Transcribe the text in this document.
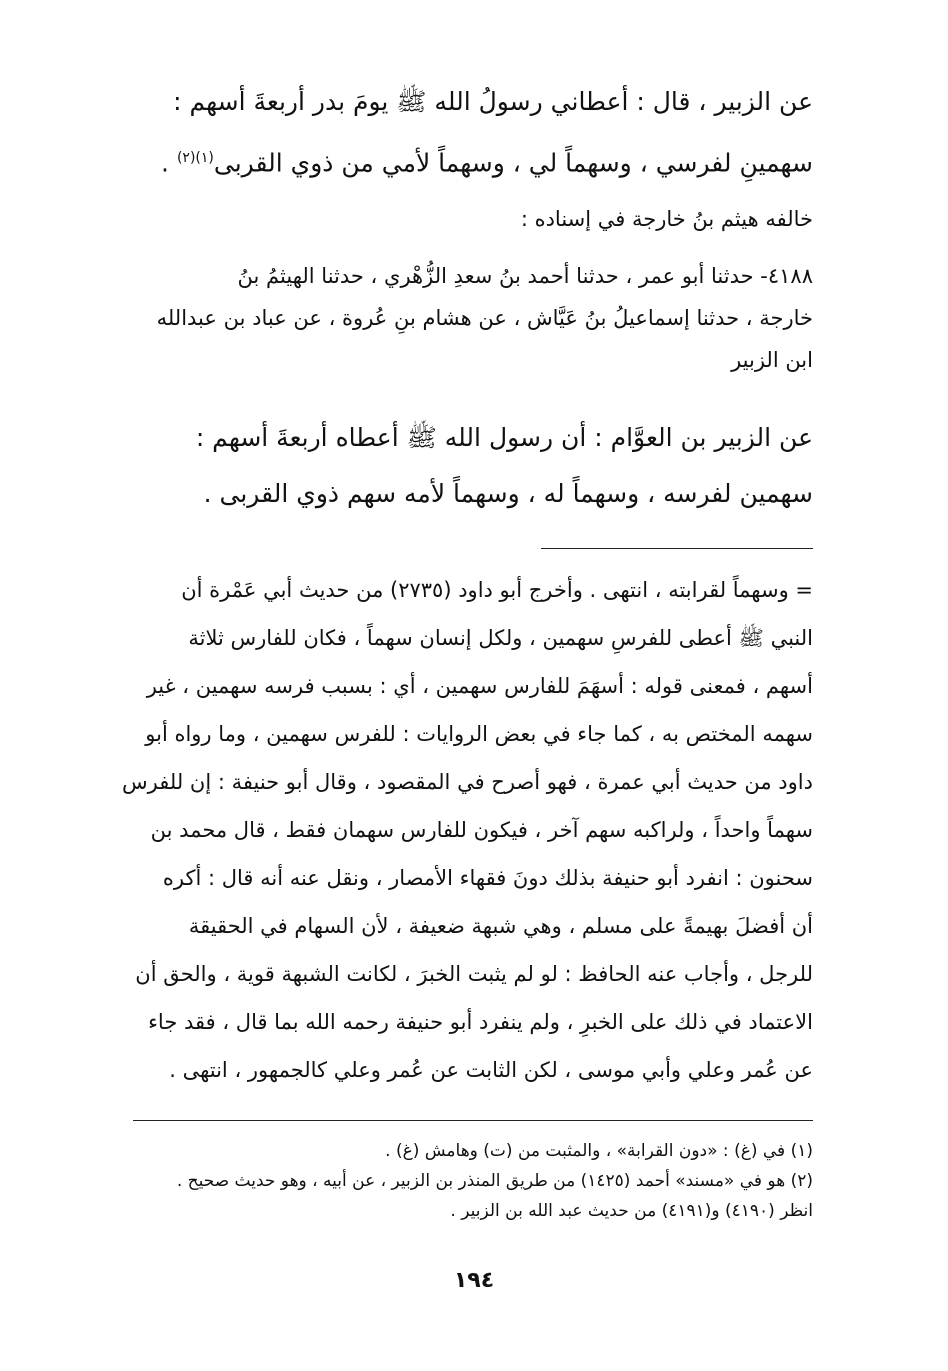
عن الزبير ، قال : أعطاني رسولُ الله ﷺ يومَ بدر أربعةَ أسهم :
سهمينِ لفرسي ، وسهماً لي ، وسهماً لأمي من ذوي القربى$^{(١)(٢)}$ .
خالفه هيثم بنُ خارجة في إسناده :
٤١٨٨- حدثنا أبو عمر ، حدثنا أحمد بنُ سعدِ الزُّهْري ، حدثنا الهيثمُ بنُ
خارجة ، حدثنا إسماعيلُ بنُ عَيَّاش ، عن هشام بنِ عُروة ، عن عباد بن عبدالله
ابن الزبير
عن الزبير بن العوَّام : أن رسول الله ﷺ أعطاه أربعةَ أسهم :
سهمين لفرسه ، وسهماً له ، وسهماً لأمه سهم ذوي القربى .
= وسهماً لقرابته ، انتهى . وأخرج أبو داود (٢٧٣٥) من حديث أبي عَمْرة أن
النبي ﷺ أعطى للفرسِ سهمين ، ولكل إنسان سهماً ، فكان للفارس ثلاثة
أسهم ، فمعنى قوله : أسهَمَ للفارس سهمين ، أي : بسبب فرسه سهمين ، غير
سهمه المختص به ، كما جاء في بعض الروايات : للفرس سهمين ، وما رواه أبو
داود من حديث أبي عمرة ، فهو أصرح في المقصود ، وقال أبو حنيفة : إن للفرس
سهماً واحداً ، ولراكبه سهم آخر ، فيكون للفارس سهمان فقط ، قال محمد بن
سحنون : انفرد أبو حنيفة بذلك دونَ فقهاء الأمصار ، ونقل عنه أنه قال : أكره
أن أفضلَ بهيمةً على مسلم ، وهي شبهة ضعيفة ، لأن السهام في الحقيقة
للرجل ، وأجاب عنه الحافظ : لو لم يثبت الخبرَ ، لكانت الشبهة قوية ، والحق أن
الاعتماد في ذلك على الخبرِ ، ولم ينفرد أبو حنيفة رحمه الله بما قال ، فقد جاء
عن عُمر وعلي وأبي موسى ، لكن الثابت عن عُمر وعلي كالجمهور ، انتهى .
(١) في (غ) : «دون القرابة» ، والمثبت من (ت) وهامش (غ) .
(٢) هو في «مسند» أحمد (١٤٢٥) من طريق المنذر بن الزبير ، عن أبيه ، وهو حديث صحيح .
انظر (٤١٩٠) و(٤١٩١) من حديث عبد الله بن الزبير .
١٩٤
